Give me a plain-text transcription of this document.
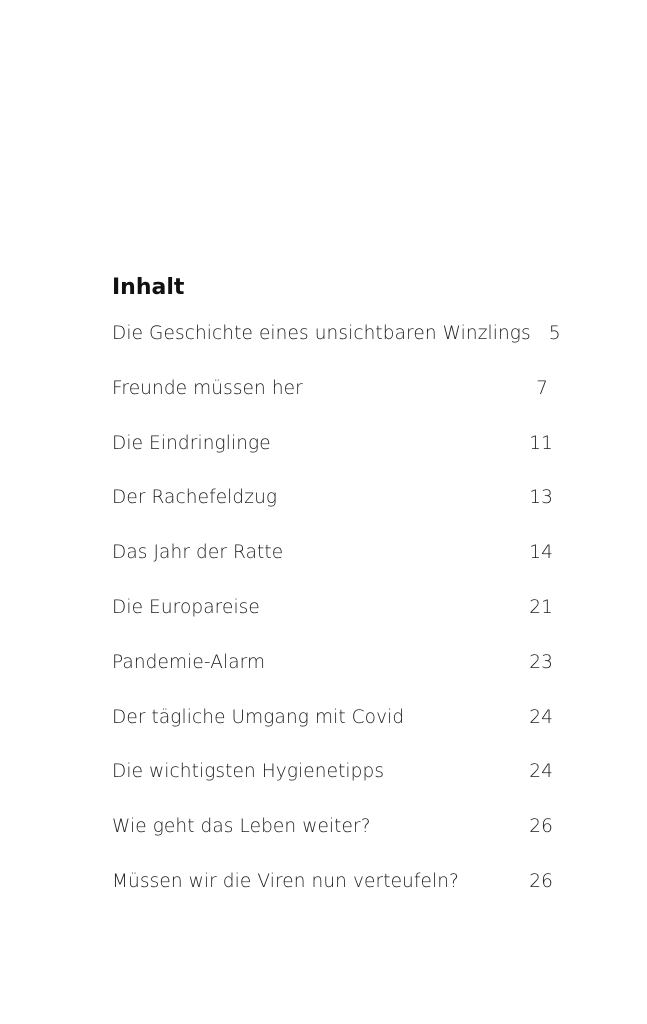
Inhalt
Die Geschichte eines unsichtbaren Winzlings 5
Freunde müssen her	7
Die Eindringlinge	11
Der Rachefeldzug	13
Das Jahr der Ratte	14
Die Europareise	21
Pandemie-Alarm	23
Der tägliche Umgang mit Covid	24
Die wichtigsten Hygienetipps	24
Wie geht das Leben weiter?	26
Müssen wir die Viren nun verteufeln?	26
